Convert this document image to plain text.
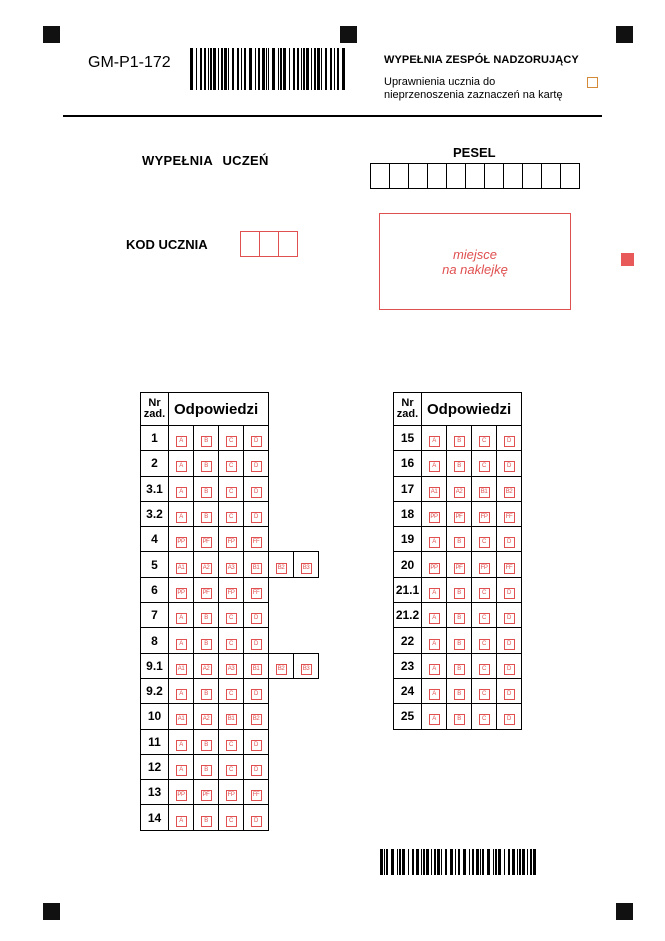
GM-P1-172	WYPEŁNIA ZESPÓŁ NADZORUJĄCY
Uprawnienia ucznia do
nieprzenoszenia zaznaczeń na kartę
WYPEŁNIA UCZEŃ
PESEL
KOD UCZNIA
miejsce
na naklejkę
Nr
zad.	Odpowiedzi					
1	A	B	C	D		
2	A	B	C	D		
3.1	A	B	C	D		
3.2	A	B	C	D		
4	PP	PF	FP	FF		
5	A1	A2	A3	B1	B2	B3
6	PP	PF	FP	FF		
7	A	B	C	D		
8	A	B	C	D		
9.1	A1	A2	A3	B1	B2	B3
9.2	A	B	C	D		
10	A1	A2	B1	B2		
11	A	B	C	D		
12	A	B	C	D		
13	PP	PF	FP	FF		
14	A	B	C	D		
Nr
zad.	Odpowiedzi			
15	A	B	C	D
16	A	B	C	D
17	A1	A2	B1	B2
18	PP	PF	FP	FF
19	A	B	C	D
20	PP	PF	FP	FF
21.1	A	B	C	D
21.2	A	B	C	D
22	A	B	C	D
23	A	B	C	D
24	A	B	C	D
25	A	B	C	D
